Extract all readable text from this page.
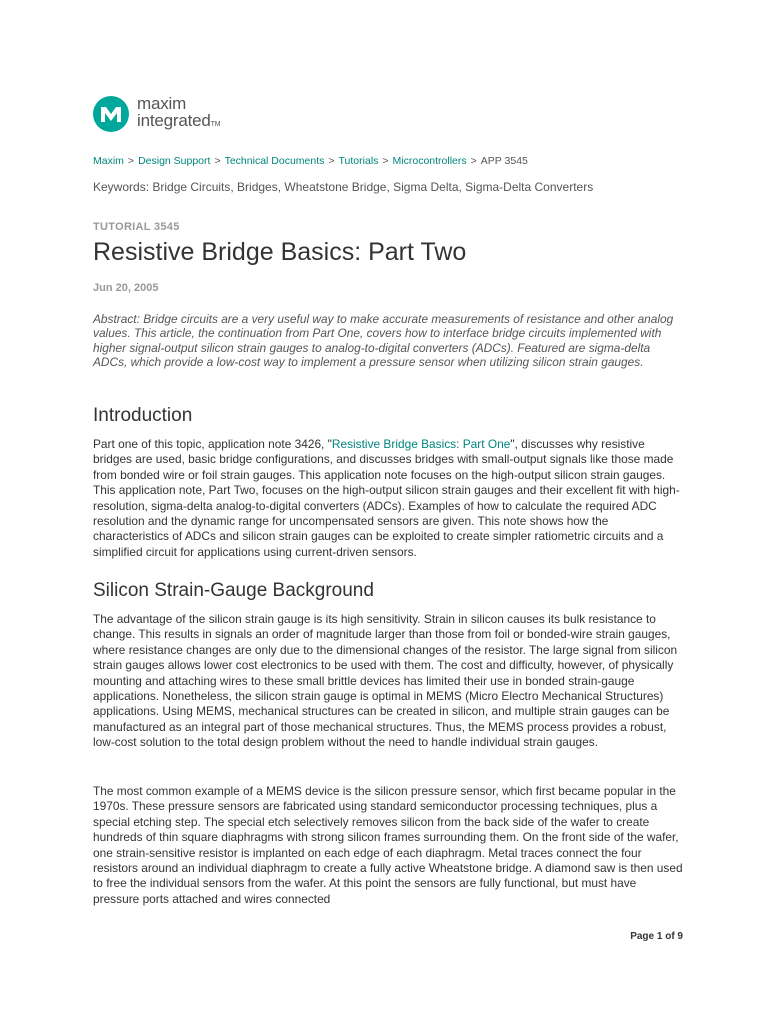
maxim
integratedTM
Maxim > Design Support > Technical Documents > Tutorials > Microcontrollers > APP 3545
Keywords: Bridge Circuits, Bridges, Wheatstone Bridge, Sigma Delta, Sigma-Delta Converters
TUTORIAL 3545
Resistive Bridge Basics: Part Two
Jun 20, 2005

Abstract: Bridge circuits are a very useful way to make accurate measurements of resistance and other analog values. This article, the continuation from Part One, covers how to interface bridge circuits implemented with higher signal-output silicon strain gauges to analog-to-digital converters (ADCs). Featured are sigma-delta ADCs, which provide a low-cost way to implement a pressure sensor when utilizing silicon strain gauges.

Introduction

Part one of this topic, application note 3426, "Resistive Bridge Basics: Part One", discusses why resistive bridges are used, basic bridge configurations, and discusses bridges with small-output signals like those made from bonded wire or foil strain gauges. This application note focuses on the high-output silicon strain gauges. This application note, Part Two, focuses on the high-output silicon strain gauges and their excellent fit with high-resolution, sigma-delta analog-to-digital converters (ADCs). Examples of how to calculate the required ADC resolution and the dynamic range for uncompensated sensors are given. This note shows how the characteristics of ADCs and silicon strain gauges can be exploited to create simpler ratiometric circuits and a simplified circuit for applications using current-driven sensors.

Silicon Strain-Gauge Background

The advantage of the silicon strain gauge is its high sensitivity. Strain in silicon causes its bulk resistance to change. This results in signals an order of magnitude larger than those from foil or bonded-wire strain gauges, where resistance changes are only due to the dimensional changes of the resistor. The large signal from silicon strain gauges allows lower cost electronics to be used with them. The cost and difficulty, however, of physically mounting and attaching wires to these small brittle devices has limited their use in bonded strain-gauge applications. Nonetheless, the silicon strain gauge is optimal in MEMS (Micro Electro Mechanical Structures) applications. Using MEMS, mechanical structures can be created in silicon, and multiple strain gauges can be manufactured as an integral part of those mechanical structures. Thus, the MEMS process provides a robust, low-cost solution to the total design problem without the need to handle individual strain gauges.

The most common example of a MEMS device is the silicon pressure sensor, which first became popular in the 1970s. These pressure sensors are fabricated using standard semiconductor processing techniques, plus a special etching step. The special etch selectively removes silicon from the back side of the wafer to create hundreds of thin square diaphragms with strong silicon frames surrounding them. On the front side of the wafer, one strain-sensitive resistor is implanted on each edge of each diaphragm. Metal traces connect the four resistors around an individual diaphragm to create a fully active Wheatstone bridge. A diamond saw is then used to free the individual sensors from the wafer. At this point the sensors are fully functional, but must have pressure ports attached and wires connected

Page 1 of 9
